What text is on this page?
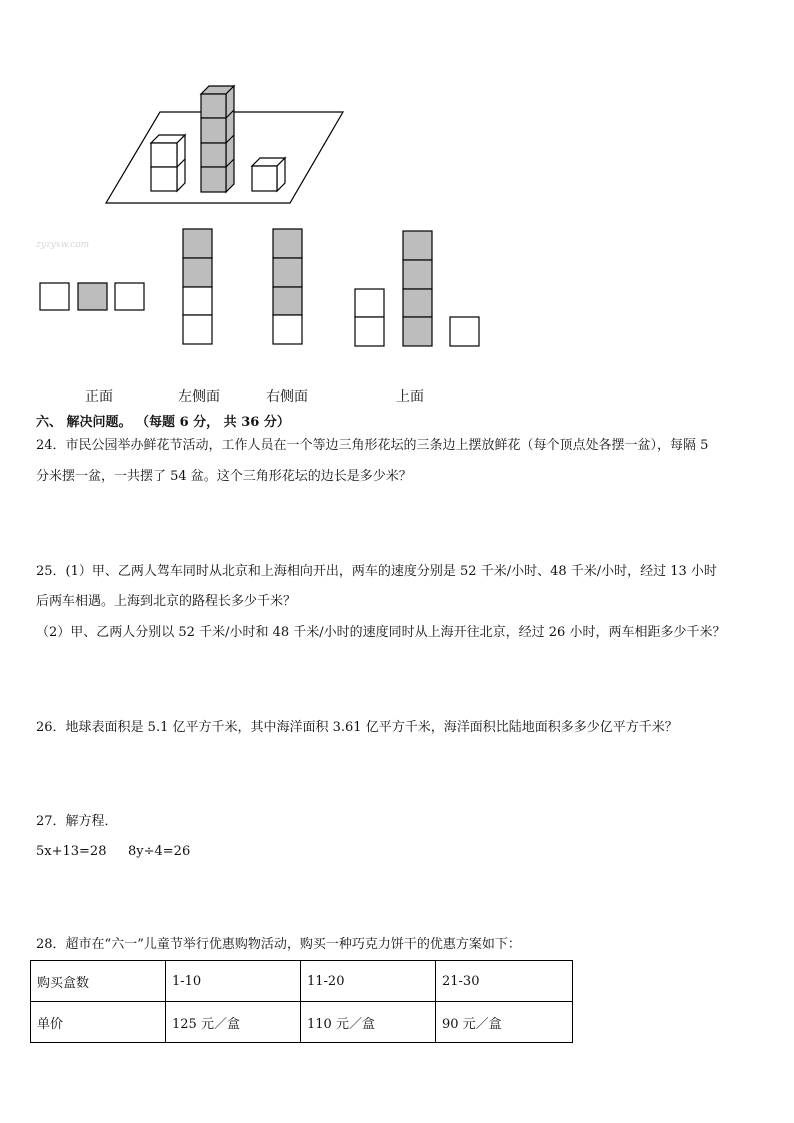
zyzyxw.com
正面	左侧面	右侧面	上面
六、 解决问题。 （每题 6 分， 共 36 分）
24．市民公园举办鲜花节活动，工作人员在一个等边三角形花坛的三条边上摆放鲜花（每个顶点处各摆一盆），每隔 5
分米摆一盆，一共摆了 54 盆。这个三角形花坛的边长是多少米？
25．(1）甲、乙两人驾车同时从北京和上海相向开出，两车的速度分别是 52 千米/小时、48 千米/小时，经过 13 小时
后两车相遇。上海到北京的路程长多少千米？
（2）甲、乙两人分别以 52 千米/小时和 48 千米/小时的速度同时从上海开往北京，经过 26 小时，两车相距多少千米？
26．地球表面积是 5.1 亿平方千米，其中海洋面积 3.61 亿平方千米，海洋面积比陆地面积多多少亿平方千米？
27．解方程．
5x+13=28 8y÷4=26
28．超市在“六一”儿童节举行优惠购物活动，购买一种巧克力饼干的优惠方案如下：
购买盒数	1-10	11-20	21-30
单价	125 元／盒	110 元／盒	90 元／盒
